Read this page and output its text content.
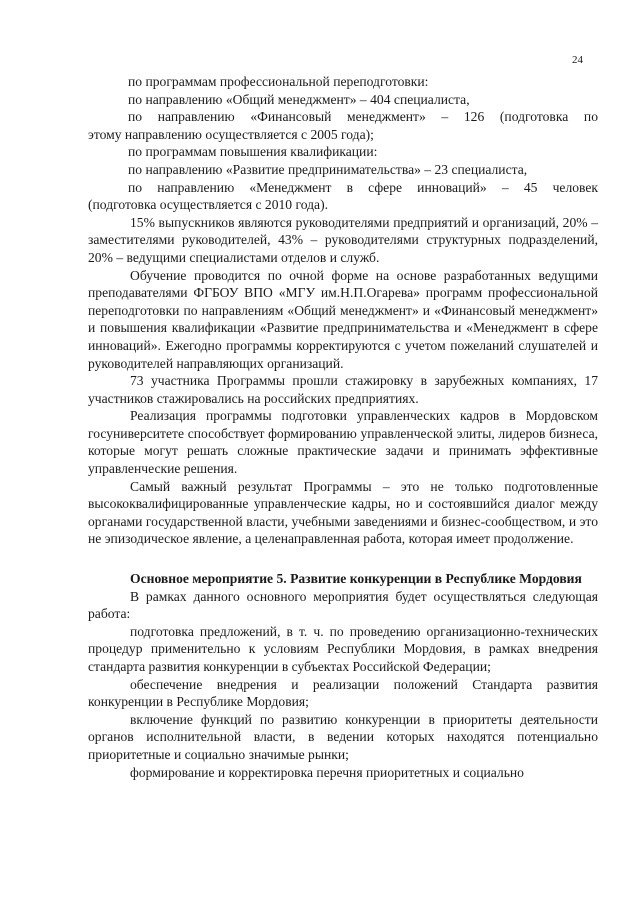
24
по программам профессиональной переподготовки:
по направлению «Общий менеджмент» – 404 специалиста,
по направлению «Финансовый менеджмент» – 126 (подготовка по
этому направлению осуществляется с 2005 года);
по программам повышения квалификации:
по направлению «Развитие предпринимательства» – 23 специалиста,
по направлению «Менеджмент в сфере инноваций» – 45 человек
(подготовка осуществляется с 2010 года).

15% выпускников являются руководителями предприятий и организаций, 20% – заместителями руководителей, 43% – руководителями структурных подразделений, 20% – ведущими специалистами отделов и служб.

Обучение проводится по очной форме на основе разработанных ведущими преподавателями ФГБОУ ВПО «МГУ им.Н.П.Огарева» программ профессиональной переподготовки по направлениям «Общий менеджмент» и «Финансовый менеджмент» и повышения квалификации «Развитие предпринимательства и «Менеджмент в сфере инноваций». Ежегодно программы корректируются с учетом пожеланий слушателей и руководителей направляющих организаций.

73 участника Программы прошли стажировку в зарубежных компаниях, 17 участников стажировались на российских предприятиях.

Реализация программы подготовки управленческих кадров в Мордовском госуниверситете способствует формированию управленческой элиты, лидеров бизнеса, которые могут решать сложные практические задачи и принимать эффективные управленческие решения.

Самый важный результат Программы – это не только подготовленные высококвалифицированные управленческие кадры, но и состоявшийся диалог между органами государственной власти, учебными заведениями и бизнес-сообществом, и это не эпизодическое явление, а целенаправленная работа, которая имеет продолжение.

Основное мероприятие 5. Развитие конкуренции в Республике Мордовия

В рамках данного основного мероприятия будет осуществляться следующая работа:

подготовка предложений, в т. ч. по проведению организационно-технических процедур применительно к условиям Республики Мордовия, в рамках внедрения стандарта развития конкуренции в субъектах Российской Федерации;

обеспечение внедрения и реализации положений Стандарта развития конкуренции в Республике Мордовия;

включение функций по развитию конкуренции в приоритеты деятельности органов исполнительной власти, в ведении которых находятся потенциально приоритетные и социально значимые рынки;

формирование и корректировка перечня приоритетных и социально
